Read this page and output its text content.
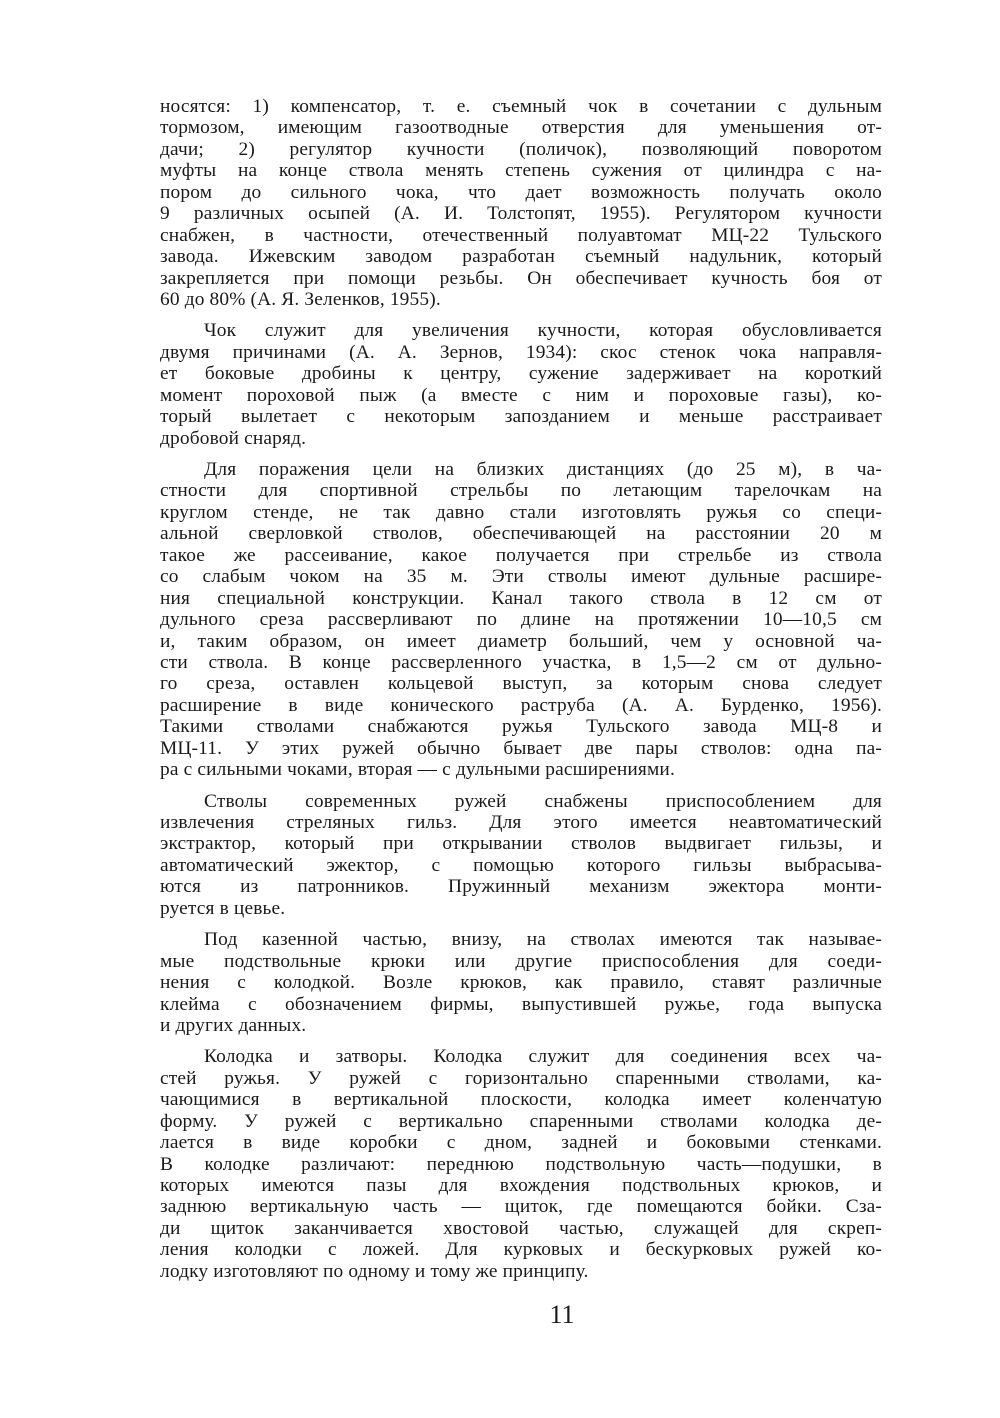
носятся: 1) компенсатор, т. е. съемный чок в сочетании с дульным
тормозом, имеющим газоотводные отверстия для уменьшения от-
дачи; 2) регулятор кучности (поличок), позволяющий поворотом
муфты на конце ствола менять степень сужения от цилиндра с на-
пором до сильного чока, что дает возможность получать около
9 различных осыпей (А. И. Толстопят, 1955). Регулятором кучности
снабжен, в частности, отечественный полуавтомат МЦ-22 Тульского
завода. Ижевским заводом разработан съемный надульник, который
закрепляется при помощи резьбы. Он обеспечивает кучность боя от
60 до 80% (А. Я. Зеленков, 1955).
Чок служит для увеличения кучности, которая обусловливается
двумя причинами (А. А. Зернов, 1934): скос стенок чока направля-
ет боковые дробины к центру, сужение задерживает на короткий
момент пороховой пыж (а вместе с ним и пороховые газы), ко-
торый вылетает с некоторым запозданием и меньше расстраивает
дробовой снаряд.
Для поражения цели на близких дистанциях (до 25 м), в ча-
стности для спортивной стрельбы по летающим тарелочкам на
круглом стенде, не так давно стали изготовлять ружья со специ-
альной сверловкой стволов, обеспечивающей на расстоянии 20 м
такое же рассеивание, какое получается при стрельбе из ствола
со слабым чоком на 35 м. Эти стволы имеют дульные расшире-
ния специальной конструкции. Канал такого ствола в 12 см от
дульного среза рассверливают по длине на протяжении 10—10,5 см
и, таким образом, он имеет диаметр больший, чем у основной ча-
сти ствола. В конце рассверленного участка, в 1,5—2 см от дульно-
го среза, оставлен кольцевой выступ, за которым снова следует
расширение в виде конического раструба (А. А. Бурденко, 1956).
Такими стволами снабжаются ружья Тульского завода МЦ-8 и
МЦ-11. У этих ружей обычно бывает две пары стволов: одна па-
ра с сильными чоками, вторая — с дульными расширениями.
Стволы современных ружей снабжены приспособлением для
извлечения стреляных гильз. Для этого имеется неавтоматический
экстрактор, который при открывании стволов выдвигает гильзы, и
автоматический эжектор, с помощью которого гильзы выбрасыва-
ются из патронников. Пружинный механизм эжектора монти-
руется в цевье.
Под казенной частью, внизу, на стволах имеются так называе-
мые подствольные крюки или другие приспособления для соеди-
нения с колодкой. Возле крюков, как правило, ставят различные
клейма с обозначением фирмы, выпустившей ружье, года выпуска
и других данных.
Колодка и затворы. Колодка служит для соединения всех ча-
стей ружья. У ружей с горизонтально спаренными стволами, ка-
чающимися в вертикальной плоскости, колодка имеет коленчатую
форму. У ружей с вертикально спаренными стволами колодка де-
лается в виде коробки с дном, задней и боковыми стенками.
В колодке различают: переднюю подствольную часть—подушки, в
которых имеются пазы для вхождения подствольных крюков, и
заднюю вертикальную часть — щиток, где помещаются бойки. Сза-
ди щиток заканчивается хвостовой частью, служащей для скреп-
ления колодки с ложей. Для курковых и бескурковых ружей ко-
лодку изготовляют по одному и тому же принципу.
11
